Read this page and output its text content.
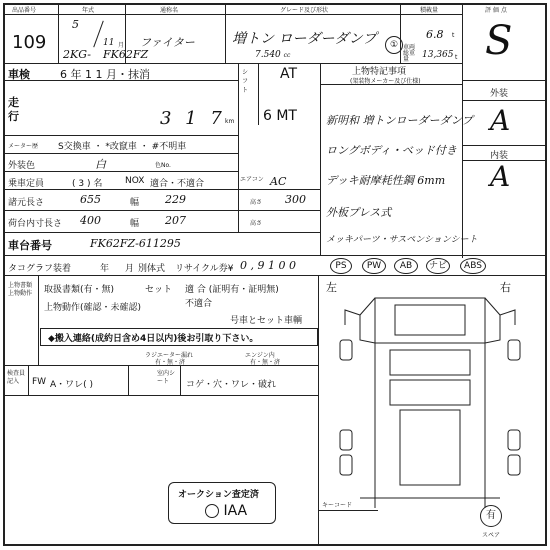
出品番号
109
年式
5
11 月
2KG- FK62FZ
通称名
ファイター
グレード及び形状
増トン ローダーダンプ	①
7.540 cc
積載量
6.8 t
車両総重量	13,365 t
評 価 点
S
車検	6 年 1 1 月・抹消	シフト
AT
6 MT
走行	3 1 7 km
メーター歴 S交換車 ・ *改竄車 ・ #不明車
外装色	白	色No.
乗車定員	( 3 ) 名	NOX 適合・不適合	エアコン AC
諸元長さ	655	幅 229	高さ 300
荷台内寸長さ 400	幅 207	高さ
車台番号	FK62FZ-611295
上物特記事項
(架装物メーカー及び仕様)
新明和 増トンローダーダンプ
ロングボディ・ベッド付き
デッキ耐摩耗性鋼 6mm
外板プレス式
メッキパーツ・サスペンションシート
外装
A
内装
A
タコグラフ装着	年 月 別体式 リサイクル券¥ 0 , 9 1 0 0	PS	PW	AB	ナビ	ABS
上物書類 上物動作 取扱書類(有・無)	セット 適 合 (証明有・証明無)
不適合
上物動作(確認・未確認)
号車とセット車輌
◆搬入連絡(成約日含め4日以内)後お引取り下さい。
ラジエーター漏れ
有・無・済
エンジン内
有・無・済
検査員記入	FW A・ワレ( )
室内シート	コゲ・穴・ワレ・破れ
オークション査定済
IAA
左	右
キーコード
有
スペア
